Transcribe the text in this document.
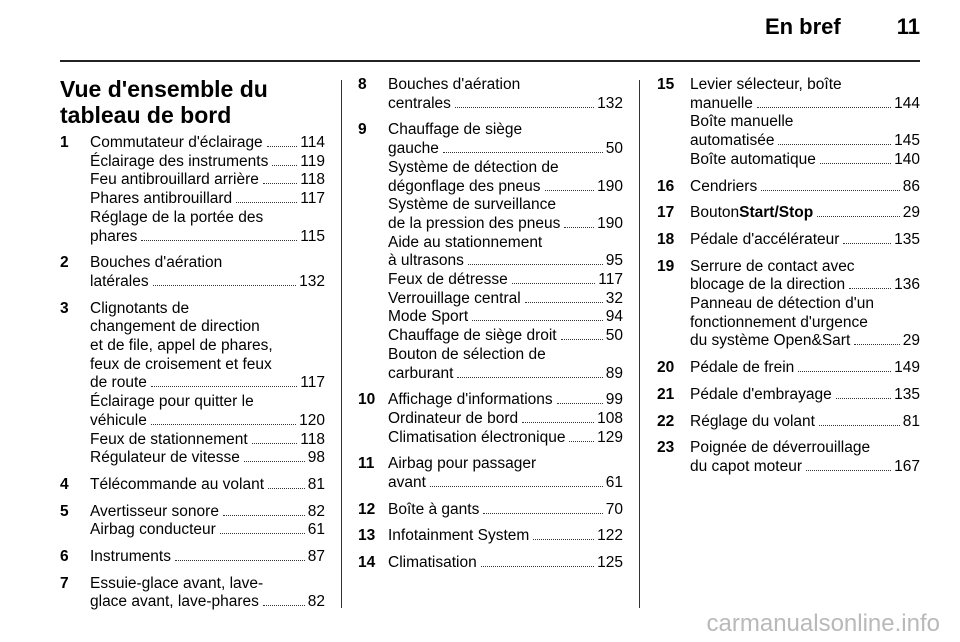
En bref	11
Vue d'ensemble du
tableau de bord
1	Commutateur d'éclairage 114
Éclairage des instruments 119
Feu antibrouillard arrière	118
Phares antibrouillard	117
Réglage de la portée des
phares	115
2	Bouches d'aération
latérales	132
3	Clignotants de
changement de direction
et de file, appel de phares,
feux de croisement et feux
de route	117
Éclairage pour quitter le
véhicule	120
Feux de stationnement	118
Régulateur de vitesse	98
4	Télécommande au volant	81
5	Avertisseur sonore	82
Airbag conducteur	61
6	Instruments	87
7	Essuie-glace avant, lave-
glace avant, lave-phares	82
8	Bouches d'aération
centrales	132
9	Chauffage de siège
gauche	50
Système de détection de
dégonflage des pneus	190
Système de surveillance
de la pression des pneus 190
Aide au stationnement
à ultrasons	95
Feux de détresse	117
Verrouillage central	32
Mode Sport	94
Chauffage de siège droit	50
Bouton de sélection de
carburant	89
10 Affichage d'informations	99
Ordinateur de bord	108
Climatisation électronique 129
11 Airbag pour passager
avant	61
12 Boîte à gants	70
13 Infotainment System	122
14 Climatisation	125
15	Levier sélecteur, boîte
manuelle	144
Boîte manuelle
automatisée	145
Boîte automatique	140
16	Cendriers	86
17	Bouton Start/Stop	29
18	Pédale d'accélérateur	135
19	Serrure de contact avec
blocage de la direction	136
Panneau de détection d'un
fonctionnement d'urgence
du système Open&Sart	29
20	Pédale de frein	149
21	Pédale d'embrayage	135
22	Réglage du volant	81
23	Poignée de déverrouillage
du capot moteur	167
carmanualsonline.info
